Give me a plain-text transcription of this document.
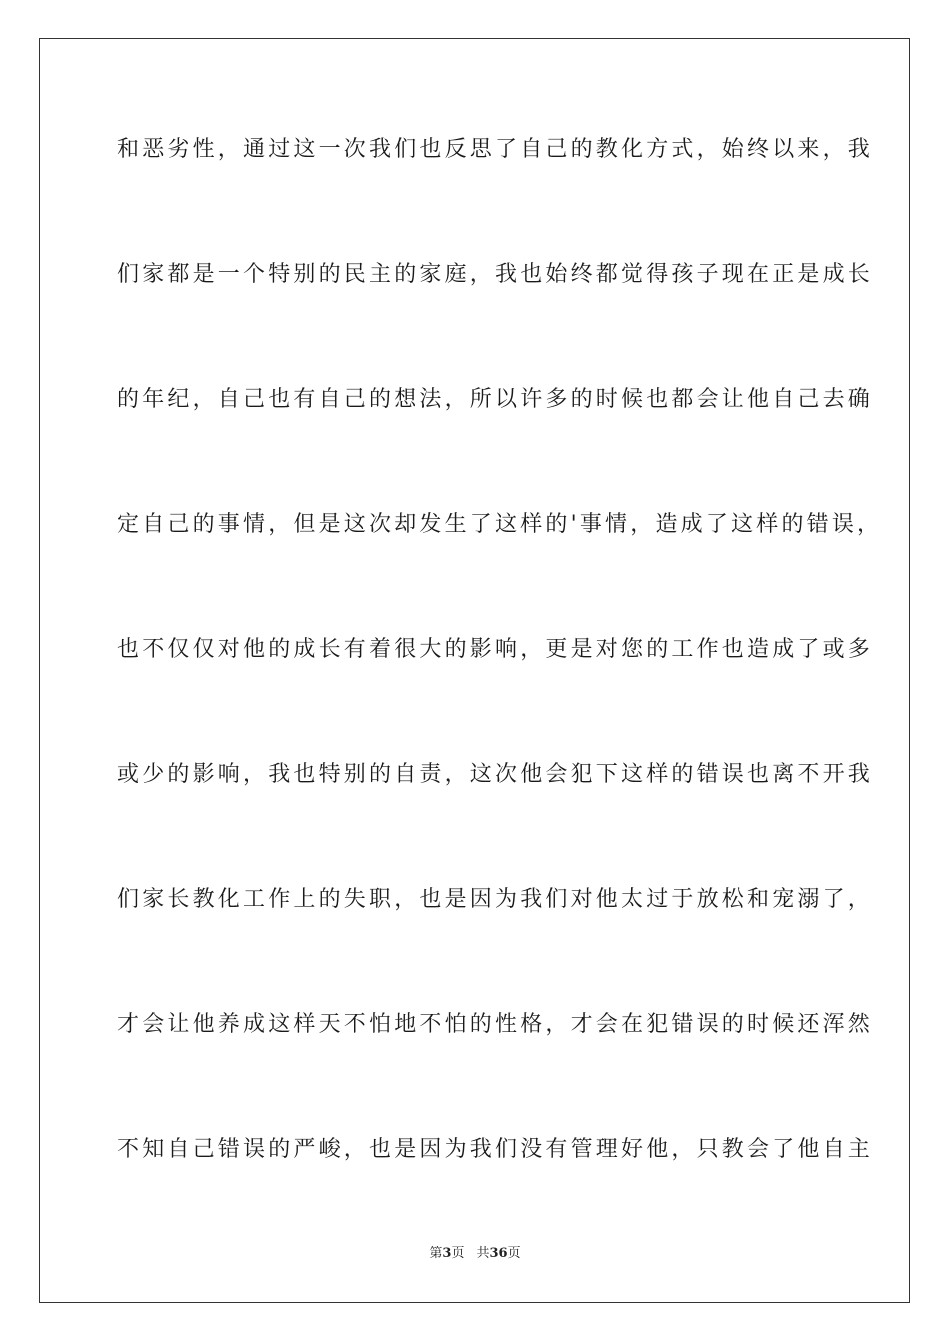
和恶劣性，通过这一次我们也反思了自己的教化方式，始终以来，我
们家都是一个特别的民主的家庭，我也始终都觉得孩子现在正是成长
的年纪，自己也有自己的想法，所以许多的时候也都会让他自己去确
定自己的事情，但是这次却发生了这样的'事情，造成了这样的错误，
也不仅仅对他的成长有着很大的影响，更是对您的工作也造成了或多
或少的影响，我也特别的自责，这次他会犯下这样的错误也离不开我
们家长教化工作上的失职，也是因为我们对他太过于放松和宠溺了，
才会让他养成这样天不怕地不怕的性格，才会在犯错误的时候还浑然
不知自己错误的严峻，也是因为我们没有管理好他，只教会了他自主
第3页 共36页
